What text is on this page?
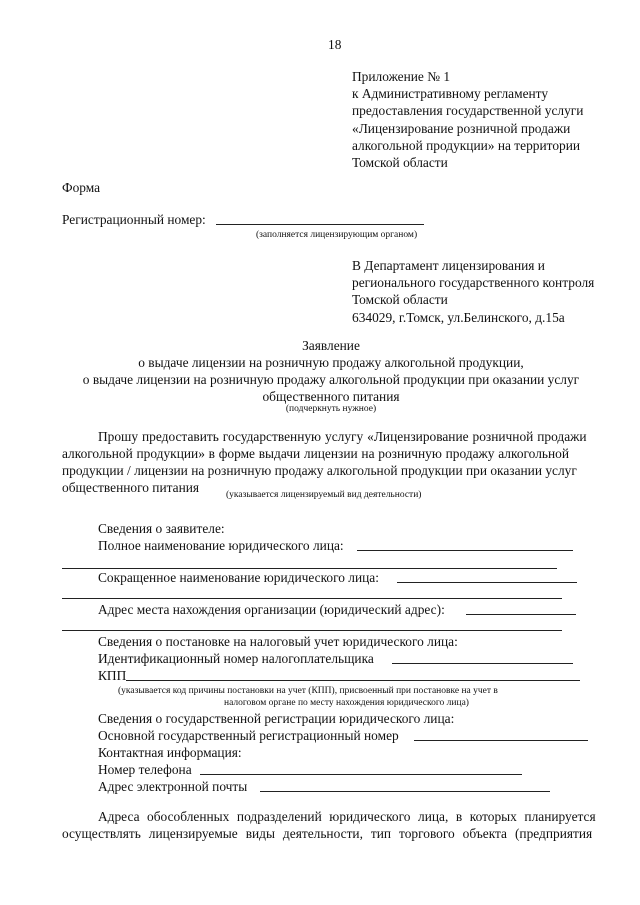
18
Приложение № 1
к Административному регламенту
предоставления государственной услуги
«Лицензирование розничной продажи
алкогольной продукции» на территории
Томской области
Форма
Регистрационный номер:
(заполняется лицензирующим органом)
В Департамент лицензирования и
регионального государственного контроля
Томской области
634029, г.Томск, ул.Белинского, д.15а
Заявление
о выдаче лицензии на розничную продажу алкогольной продукции,
о выдаче лицензии на розничную продажу алкогольной продукции при оказании услуг
общественного питания
(подчеркнуть нужное)
Прошу предоставить государственную услугу «Лицензирование розничной продажи
алкогольной продукции» в форме выдачи лицензии на розничную продажу алкогольной
продукции / лицензии на розничную продажу алкогольной продукции при оказании услуг
общественного питания	(указывается лицензируемый вид деятельности)
Сведения о заявителе:
Полное наименование юридического лица:
Сокращенное наименование юридического лица:
Адрес места нахождения организации (юридический адрес):
Сведения о постановке на налоговый учет юридического лица:
Идентификационный номер налогоплательщика
КПП
(указывается код причины постановки на учет (КПП), присвоенный при постановке на учет в
налоговом органе по месту нахождения юридического лица)
Сведения о государственной регистрации юридического лица:
Основной государственный регистрационный номер
Контактная информация:
Номер телефона
Адрес электронной почты
Адреса обособленных подразделений юридического лица, в которых планируется
осуществлять лицензируемые виды деятельности, тип торгового объекта (предприятия
